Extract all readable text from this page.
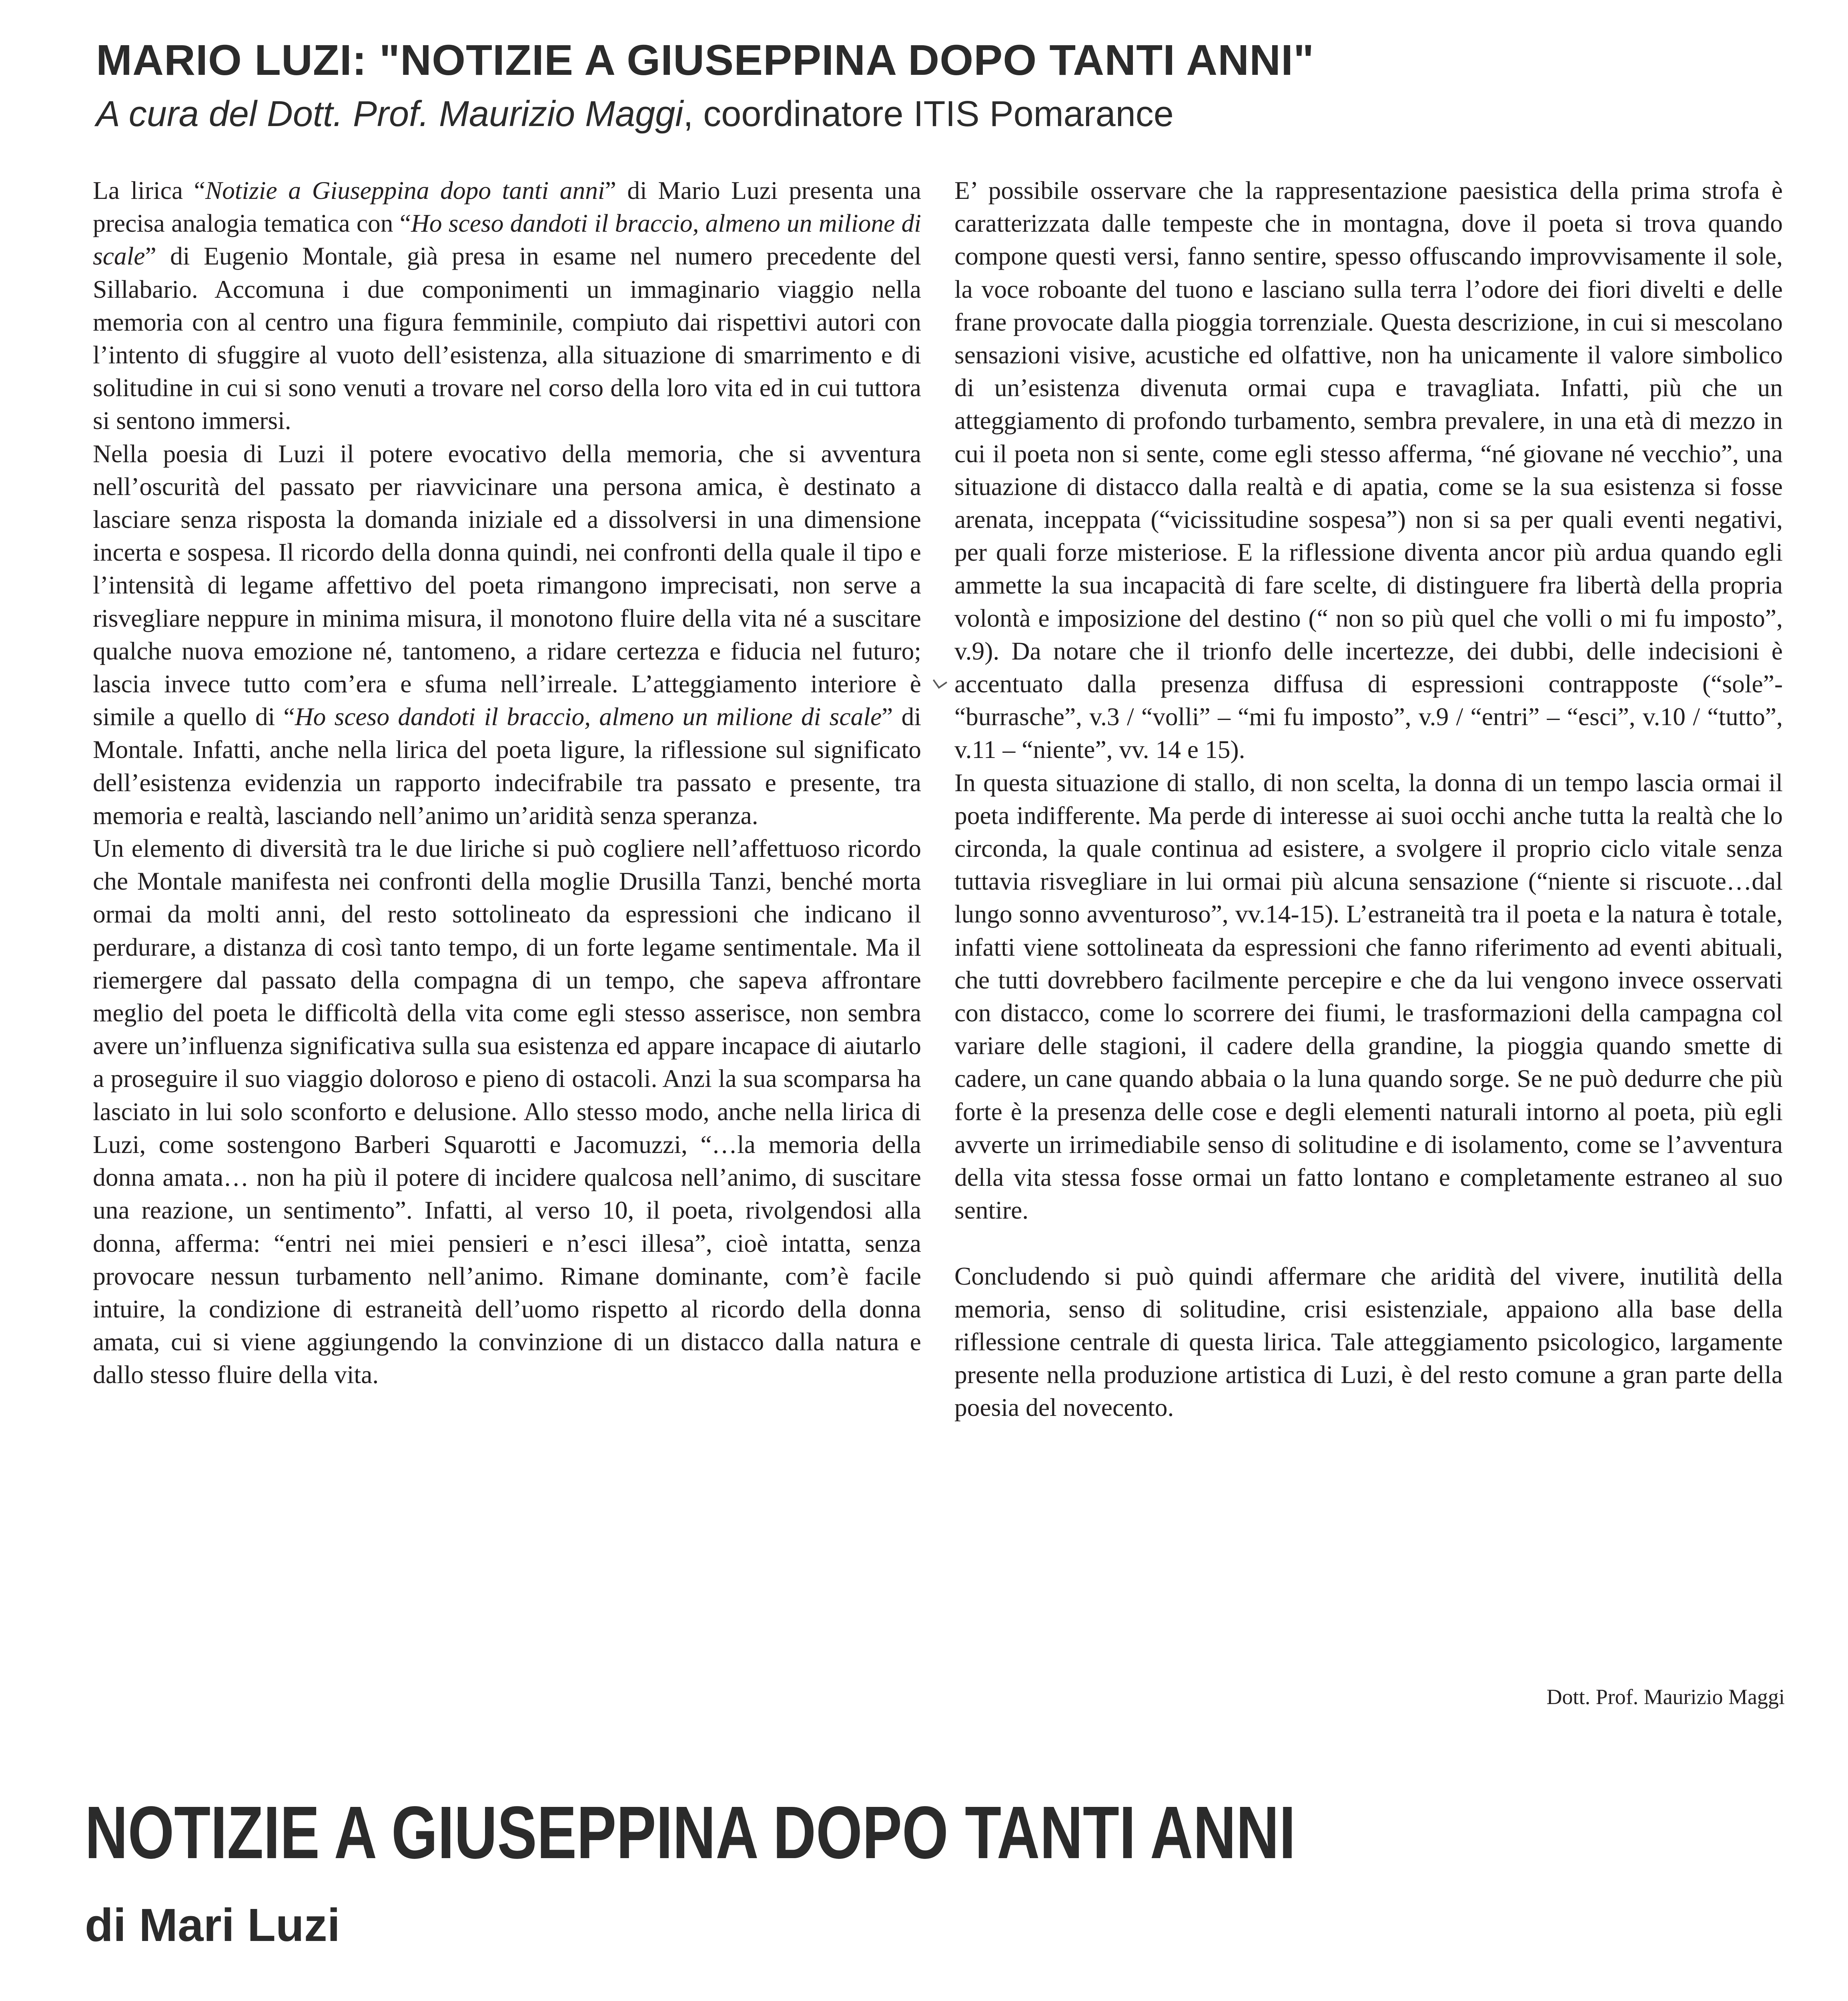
MARIO LUZI: "NOTIZIE A GIUSEPPINA DOPO TANTI ANNI"
A cura del Dott. Prof. Maurizio Maggi, coordinatore ITIS Pomarance

La lirica “Notizie a Giuseppina dopo tanti anni” di Mario Luzi presenta una precisa analogia tematica con “Ho sceso dandoti il braccio, almeno un milione di scale” di Eugenio Montale, già presa in esame nel numero precedente del Sillabario. Accomuna i due componimenti un immaginario viaggio nella memoria con al centro una figura femminile, compiuto dai rispettivi autori con l’intento di sfuggire al vuoto dell’esistenza, alla situazione di smarrimento e di solitudine in cui si sono venuti a trovare nel corso della loro vita ed in cui tuttora si sentono immersi.

Nella poesia di Luzi il potere evocativo della memoria, che si avventura nell’oscurità del passato per riavvicinare una persona amica, è destinato a lasciare senza risposta la domanda iniziale ed a dissolversi in una dimensione incerta e sospesa. Il ricordo della donna quindi, nei confronti della quale il tipo e l’intensità di legame affettivo del poeta rimangono imprecisati, non serve a risvegliare neppure in minima misura, il monotono fluire della vita né a suscitare qualche nuova emozione né, tantomeno, a ridare certezza e fiducia nel futuro; lascia invece tutto com’era e sfuma nell’irreale. L’atteggiamento interiore è simile a quello di “Ho sceso dandoti il braccio, almeno un milione di scale” di Montale. Infatti, anche nella lirica del poeta ligure, la riflessione sul significato dell’esistenza evidenzia un rapporto indecifrabile tra passato e presente, tra memoria e realtà, lasciando nell’animo un’aridità senza speranza.

Un elemento di diversità tra le due liriche si può cogliere nell’affettuoso ricordo che Montale manifesta nei confronti della moglie Drusilla Tanzi, benché morta ormai da molti anni, del resto sottolineato da espressioni che indicano il perdurare, a distanza di così tanto tempo, di un forte legame sentimentale. Ma il riemergere dal passato della compagna di un tempo, che sapeva affrontare meglio del poeta le difficoltà della vita come egli stesso asserisce, non sembra avere un’influenza significativa sulla sua esistenza ed appare incapace di aiutarlo a proseguire il suo viaggio doloroso e pieno di ostacoli. Anzi la sua scomparsa ha lasciato in lui solo sconforto e delusione. Allo stesso modo, anche nella lirica di Luzi, come sostengono Barberi Squarotti e Jacomuzzi, “…la memoria della donna amata… non ha più il potere di incidere qualcosa nell’animo, di suscitare una reazione, un sentimento”. Infatti, al verso 10, il poeta, rivolgendosi alla donna, afferma: “entri nei miei pensieri e n’esci illesa”, cioè intatta, senza provocare nessun turbamento nell’animo. Rimane dominante, com’è facile intuire, la condizione di estraneità dell’uomo rispetto al ricordo della donna amata, cui si viene aggiungendo la convinzione di un distacco dalla natura e dallo stesso fluire della vita.

E’ possibile osservare che la rappresentazione paesistica della prima strofa è caratterizzata dalle tempeste che in montagna, dove il poeta si trova quando compone questi versi, fanno sentire, spesso offuscando improvvisamente il sole, la voce roboante del tuono e lasciano sulla terra l’odore dei fiori divelti e delle frane provocate dalla pioggia torrenziale. Questa descrizione, in cui si mescolano sensazioni visive, acustiche ed olfattive, non ha unicamente il valore simbolico di un’esistenza divenuta ormai cupa e travagliata. Infatti, più che un atteggiamento di profondo turbamento, sembra prevalere, in una età di mezzo in cui il poeta non si sente, come egli stesso afferma, “né giovane né vecchio”, una situazione di distacco dalla realtà e di apatia, come se la sua esistenza si fosse arenata, inceppata (“vicissitudine sospesa”) non si sa per quali eventi negativi, per quali forze misteriose. E la riflessione diventa ancor più ardua quando egli ammette la sua incapacità di fare scelte, di distinguere fra libertà della propria volontà e imposizione del destino (“ non so più quel che volli o mi fu imposto”, v.9). Da notare che il trionfo delle incertezze, dei dubbi, delle indecisioni è accentuato dalla presenza diffusa di espressioni contrapposte (“sole”- “burrasche”, v.3 / “volli” – “mi fu imposto”, v.9 / “entri” – “esci”, v.10 / “tutto”, v.11 – “niente”, vv. 14 e 15).

In questa situazione di stallo, di non scelta, la donna di un tempo lascia ormai il poeta indifferente. Ma perde di interesse ai suoi occhi anche tutta la realtà che lo circonda, la quale continua ad esistere, a svolgere il proprio ciclo vitale senza tuttavia risvegliare in lui ormai più alcuna sensazione (“niente si riscuote…dal lungo sonno avventuroso”, vv.14-15). L’estraneità tra il poeta e la natura è totale, infatti viene sottolineata da espressioni che fanno riferimento ad eventi abituali, che tutti dovrebbero facilmente percepire e che da lui vengono invece osservati con distacco, come lo scorrere dei fiumi, le trasformazioni della campagna col variare delle stagioni, il cadere della grandine, la pioggia quando smette di cadere, un cane quando abbaia o la luna quando sorge. Se ne può dedurre che più forte è la presenza delle cose e degli elementi naturali intorno al poeta, più egli avverte un irrimediabile senso di solitudine e di isolamento, come se l’avventura della vita stessa fosse ormai un fatto lontano e completamente estraneo al suo sentire.

Concludendo si può quindi affermare che aridità del vivere, inutilità della memoria, senso di solitudine, crisi esistenziale, appaiono alla base della riflessione centrale di questa lirica. Tale atteggiamento psicologico, largamente presente nella produzione artistica di Luzi, è del resto comune a gran parte della poesia del novecento.

Dott. Prof. Maurizio Maggi
NOTIZIE A GIUSEPPINA DOPO TANTI ANNI
di Mari Luzi
